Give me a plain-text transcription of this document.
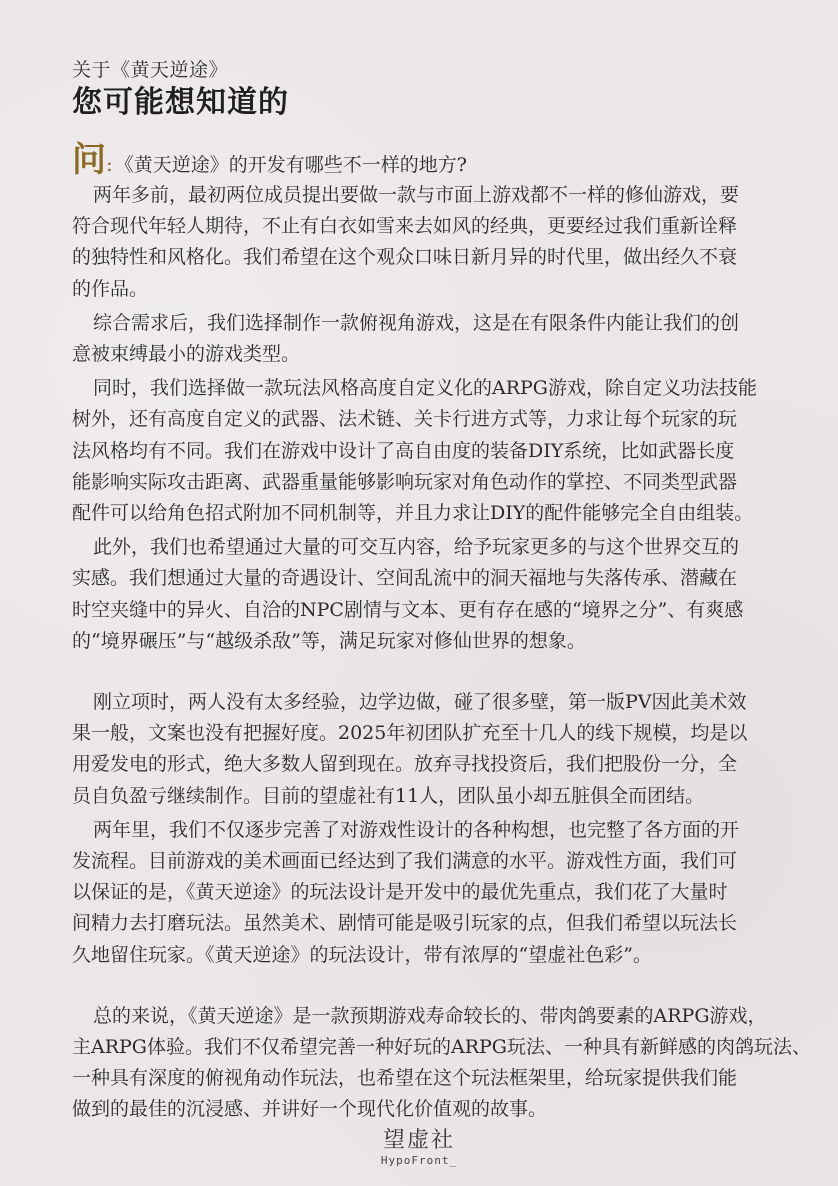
关于《黄天逆途》
您可能想知道的
问 : 《黄天逆途》的开发有哪些不一样的地方?

两年多前，最初两位成员提出要做一款与市面上游戏都不一样的修仙游戏，要
符合现代年轻人期待，不止有白衣如雪来去如风的经典，更要经过我们重新诠释
的独特性和风格化。我们希望在这个观众口味日新月异的时代里，做出经久不衰
的作品。

综合需求后，我们选择制作一款俯视角游戏，这是在有限条件内能让我们的创
意被束缚最小的游戏类型。

同时，我们选择做一款玩法风格高度自定义化的ARPG游戏，除自定义功法技能
树外，还有高度自定义的武器、法术链、关卡行进方式等，力求让每个玩家的玩
法风格均有不同。我们在游戏中设计了高自由度的装备DIY系统，比如武器长度
能影响实际攻击距离、武器重量能够影响玩家对角色动作的掌控、不同类型武器
配件可以给角色招式附加不同机制等，并且力求让DIY的配件能够完全自由组装。

此外，我们也希望通过大量的可交互内容，给予玩家更多的与这个世界交互的
实感。我们想通过大量的奇遇设计、空间乱流中的洞天福地与失落传承、潜藏在
时空夹缝中的异火、自洽的NPC剧情与文本、更有存在感的“境界之分”、有爽感
的“境界碾压”与“越级杀敌”等，满足玩家对修仙世界的想象。

刚立项时，两人没有太多经验，边学边做，碰了很多壁，第一版PV因此美术效
果一般，文案也没有把握好度。2025年初团队扩充至十几人的线下规模，均是以
用爱发电的形式，绝大多数人留到现在。放弃寻找投资后，我们把股份一分，全
员自负盈亏继续制作。目前的望虚社有11人，团队虽小却五脏俱全而团结。

两年里，我们不仅逐步完善了对游戏性设计的各种构想，也完整了各方面的开
发流程。目前游戏的美术画面已经达到了我们满意的水平。游戏性方面，我们可
以保证的是，《黄天逆途》的玩法设计是开发中的最优先重点，我们花了大量时
间精力去打磨玩法。虽然美术、剧情可能是吸引玩家的点，但我们希望以玩法长
久地留住玩家。《黄天逆途》的玩法设计，带有浓厚的“望虚社色彩”。

总的来说，《黄天逆途》是一款预期游戏寿命较长的、带肉鸽要素的ARPG游戏，
主ARPG体验。我们不仅希望完善一种好玩的ARPG玩法、一种具有新鲜感的肉鸽玩法、
一种具有深度的俯视角动作玩法，也希望在这个玩法框架里，给玩家提供我们能
做到的最佳的沉浸感、并讲好一个现代化价值观的故事。

望虚社
HypoFront_
